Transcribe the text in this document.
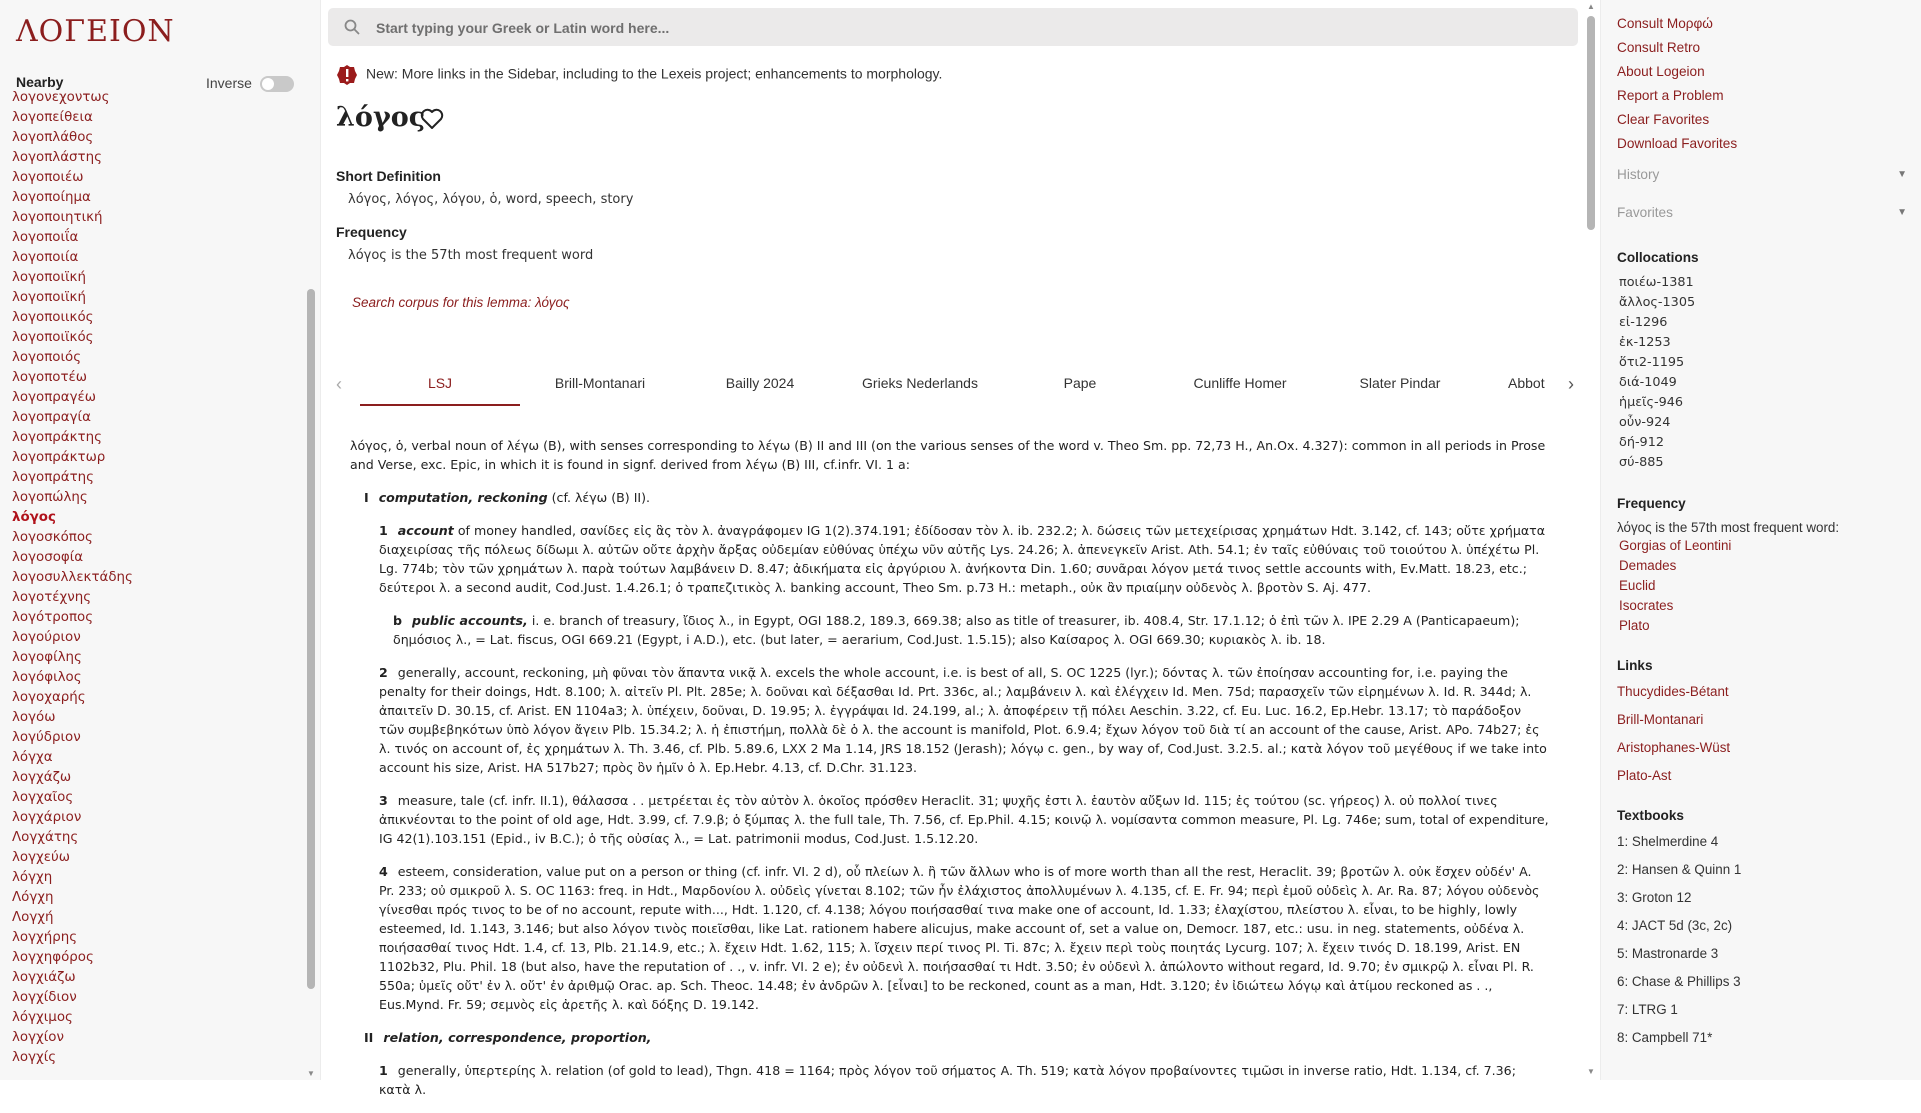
ΛΟΓΕΙΟΝ
Nearby	Inverse
λογονεχοντως
λογοπείθεια
λογοπλάθος
λογοπλάστης
λογοποιέω
λογοποίημα
λογοποιητική
λογοποιΐα
λογοποιία
λογοποιϊκή
λογοποιϊκή
λογοποιικός
λογοποιϊκός
λογοποιός
λογοποτέω
λογοπραγέω
λογοπραγία
λογοπράκτης
λογοπράκτωρ
λογοπράτης
λογοπώλης
λόγος
λογοσκόπος
λογοσοφία
λογοσυλλεκτάδης
λογοτέχνης
λογότροπος
λογούριον
λογοφίλης
λογόφιλος
λογοχαρής
λογόω
λογύδριον
λόγχα
λογχάζω
λογχαῖος
λογχάριον
Λογχάτης
λογχεύω
λόγχη
Λόγχη
Λογχή
λογχήρης
λογχηφόρος
λογχιάζω
λογχίδιον
λόγχιμος
λογχίον
λογχίς
▼
Start typing your Greek or Latin word here...
New: More links in the Sidebar, including to the Lexeis project; enhancements to morphology.
λόγος
Short Definition
λόγος, λόγος, λόγου, ὁ, word, speech, story
Frequency
λόγος is the 57th most frequent word
Search corpus for this lemma: λόγος
‹	LSJ	Brill-Montanari	Bailly 2024	Grieks Nederlands	Pape	Cunliffe Homer	Slater Pindar	Abbot	›

λόγος, ὁ, verbal noun of λέγω (B), with senses corresponding to λέγω (B) II and III (on the various senses of the word v. Theo Sm. pp. 72,73 H., An.Ox. 4.327): common in all periods in Prose and Verse, exc. Epic, in which it is found in signf. derived from λέγω (B) III, cf.infr. VI. 1 a:

I computation, reckoning (cf. λέγω (B) II).

1 account of money handled, σανίδες εἰς ἃς τὸν λ. ἀναγράφομεν IG 1(2).374.191; ἐδίδοσαν τὸν λ. ib. 232.2; λ. δώσεις τῶν μετεχείρισας χρημάτων Hdt. 3.142, cf. 143; οὔτε χρήματα διαχειρίσας τῆς πόλεως δίδωμι λ. αὐτῶν οὔτε ἀρχὴν ἄρξας οὐδεμίαν εὐθύνας ὑπέχω νῦν αὐτῆς Lys. 24.26; λ. ἀπενεγκεῖν Arist. Ath. 54.1; ἐν ταῖς εὐθύναις τοῦ τοιούτου λ. ὑπέχέτω Pl. Lg. 774b; τὸν τῶν χρημάτων λ. παρὰ τούτων λαμβάνειν D. 8.47; ἀδικήματα εἰς ἀργύριου λ. ἀνήκοντα Din. 1.60; συνᾶραι λόγον μετά τινος settle accounts with, Ev.Matt. 18.23, etc.; δεύτεροι λ. a second audit, Cod.Just. 1.4.26.1; ὁ τραπεζιτικὸς λ. banking account, Theo Sm. p.73 H.: metaph., οὐκ ἂν πριαίμην οὐδενὸς λ. βροτὸν S. Aj. 477.

b public accounts, i. e. branch of treasury, ἴδιος λ., in Egypt, OGI 188.2, 189.3, 669.38; also as title of treasurer, ib. 408.4, Str. 17.1.12; ὁ ἐπὶ τῶν λ. IPE 2.29 A (Panticapaeum); δημόσιος λ., = Lat. fiscus, OGI 669.21 (Egypt, i A.D.), etc. (but later, = aerarium, Cod.Just. 1.5.15); also Καίσαρος λ. OGI 669.30; κυριακὸς λ. ib. 18.

2 generally, account, reckoning, μὴ φῦναι τὸν ἅπαντα νικᾷ λ. excels the whole account, i.e. is best of all, S. OC 1225 (lyr.); δόντας λ. τῶν ἐποίησαν accounting for, i.e. paying the penalty for their doings, Hdt. 8.100; λ. αἰτεῖν Pl. Plt. 285e; λ. δοῦναι καὶ δέξασθαι Id. Prt. 336c, al.; λαμβάνειν λ. καὶ ἐλέγχειν Id. Men. 75d; παρασχεῖν τῶν εἰρημένων λ. Id. R. 344d; λ. ἀπαιτεῖν D. 30.15, cf. Arist. EN 1104a3; λ. ὑπέχειν, δοῦναι, D. 19.95; λ. ἐγγράψαι Id. 24.199, al.; λ. ἀποφέρειν τῇ πόλει Aeschin. 3.22, cf. Eu. Luc. 16.2, Ep.Hebr. 13.17; τὸ παράδοξον τῶν συμβεβηκότων ὑπὸ λόγον ἄγειν Plb. 15.34.2; λ. ἡ ἐπιστήμη, πολλὰ δὲ ὁ λ. the account is manifold, Plot. 6.9.4; ἔχων λόγον τοῦ διὰ τί an account of the cause, Arist. APo. 74b27; ἐς λ. τινός on account of, ἐς χρημάτων λ. Th. 3.46, cf. Plb. 5.89.6, LXX 2 Ma 1.14, JRS 18.152 (Jerash); λόγῳ c. gen., by way of, Cod.Just. 3.2.5. al.; κατὰ λόγον τοῦ μεγέθους if we take into account his size, Arist. HA 517b27; πρὸς ὃν ἡμῖν ὁ λ. Ep.Hebr. 4.13, cf. D.Chr. 31.123.

3 measure, tale (cf. infr. II.1), θάλασσα . . μετρέεται ἐς τὸν αὐτὸν λ. ὁκοῖος πρόσθεν Heraclit. 31; ψυχῆς ἐστι λ. ἑαυτὸν αὔξων Id. 115; ἐς τούτου (sc. γήρεος) λ. οὐ πολλοί τινες ἀπικνέονται to the point of old age, Hdt. 3.99, cf. 7.9.β; ὁ ξύμπας λ. the full tale, Th. 7.56, cf. Ep.Phil. 4.15; κοινῷ λ. νομίσαντα common measure, Pl. Lg. 746e; sum, total of expenditure, IG 42(1).103.151 (Epid., iv B.C.); ὁ τῆς οὐσίας λ., = Lat. patrimonii modus, Cod.Just. 1.5.12.20.

4 esteem, consideration, value put on a person or thing (cf. infr. VI. 2 d), οὗ πλείων λ. ἢ τῶν ἄλλων who is of more worth than all the rest, Heraclit. 39; βροτῶν λ. οὐκ ἔσχεν οὐδέν' A. Pr. 233; οὐ σμικροῦ λ. S. OC 1163: freq. in Hdt., Μαρδονίου λ. οὐδεὶς γίνεται 8.102; τῶν ἦν ἐλάχιστος ἀπολλυμένων λ. 4.135, cf. E. Fr. 94; περὶ ἐμοῦ οὐδεὶς λ. Ar. Ra. 87; λόγου οὐδενὸς γίνεσθαι πρός τινος to be of no account, repute with..., Hdt. 1.120, cf. 4.138; λόγου ποιήσασθαί τινα make one of account, Id. 1.33; ἐλαχίστου, πλείστου λ. εἶναι, to be highly, lowly esteemed, Id. 1.143, 3.146; but also λόγον τινὸς ποιεῖσθαι, like Lat. rationem habere alicujus, make account of, set a value on, Democr. 187, etc.: usu. in neg. statements, οὐδένα λ. ποιήσασθαί τινος Hdt. 1.4, cf. 13, Plb. 21.14.9, etc.; λ. ἔχειν Hdt. 1.62, 115; λ. ἴσχειν περί τινος Pl. Ti. 87c; λ. ἔχειν περὶ τοὺς ποιητάς Lycurg. 107; λ. ἔχειν τινός D. 18.199, Arist. EN 1102b32, Plu. Phil. 18 (but also, have the reputation of . ., v. infr. VI. 2 e); ἐν οὐδενὶ λ. ποιήσασθαί τι Hdt. 3.50; ἐν οὐδενὶ λ. ἀπώλοντο without regard, Id. 9.70; ἐν σμικρῷ λ. εἶναι Pl. R. 550a; ὑμεῖς οὔτ' ἐν λ. οὔτ' ἐν ἀριθμῷ Orac. ap. Sch. Theoc. 14.48; ἐν ἀνδρῶν λ. [εἶναι] to be reckoned, count as a man, Hdt. 3.120; ἐν ἰδιώτεω λόγῳ καὶ ἀτίμου reckoned as . ., Eus.Mynd. Fr. 59; σεμνὸς εἰς ἀρετῆς λ. καὶ δόξης D. 19.142.

II relation, correspondence, proportion,

1 generally, ὑπερτερίης λ. relation (of gold to lead), Thgn. 418 = 1164; πρὸς λόγον τοῦ σήματος A. Th. 519; κατὰ λόγον προβαίνοντες τιμῶσι in inverse ratio, Hdt. 1.134, cf. 7.36; κατὰ λ.

▲
▼
Consult Μορφώ
Consult Retro
About Logeion
Report a Problem
Clear Favorites
Download Favorites
History	▼
Favorites	▼
Collocations
ποιέω-1381
ἄλλος-1305
εἰ-1296
ἐκ-1253
ὅτι2-1195
διά-1049
ἡμεῖς-946
οὖν-924
δή-912
σύ-885
Frequency
λόγος is the 57th most frequent word:
Gorgias of Leontini
Demades
Euclid
Isocrates
Plato
Links
Thucydides-Bétant
Brill-Montanari
Aristophanes-Wüst
Plato-Ast
Textbooks
1: Shelmerdine 4
2: Hansen & Quinn 1
3: Groton 12
4: JACT 5d (3c, 2c)
5: Mastronarde 3
6: Chase & Phillips 3
7: LTRG 1
8: Campbell 71*
